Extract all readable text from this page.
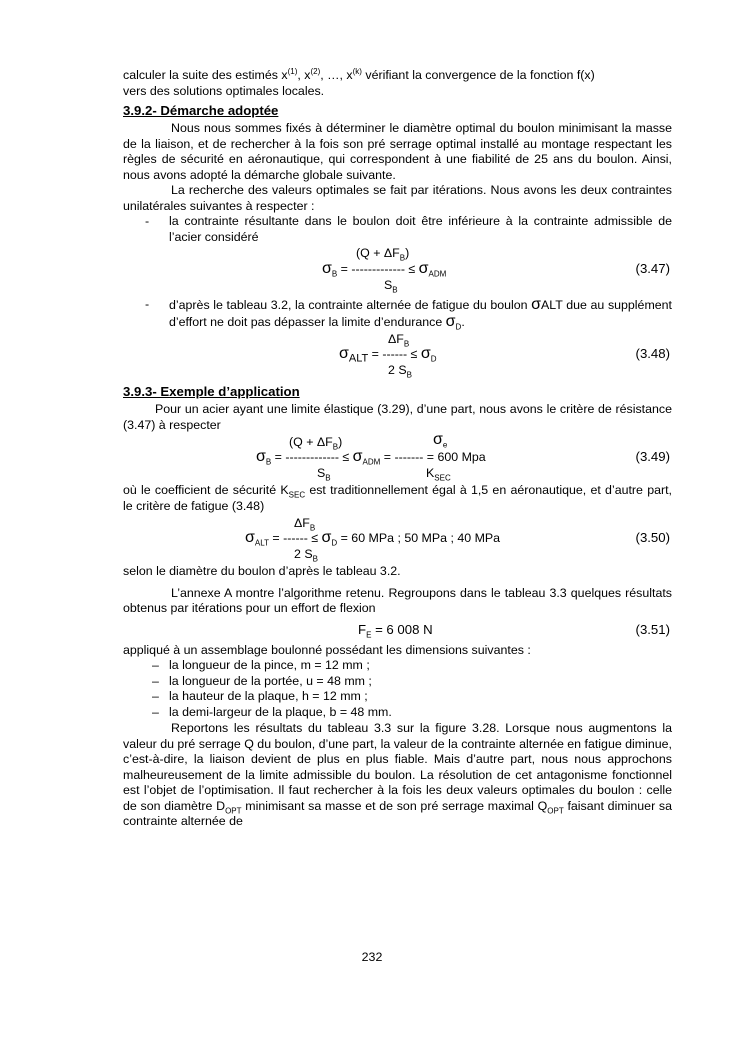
calculer la suite des estimés $x^{(1)}$, $x^{(2)}$, …, $x^{(k)}$ vérifiant la convergence de la fonction f(x)
vers des solutions optimales locales.

3.9.2- Démarche adoptée

Nous nous sommes fixés à déterminer le diamètre optimal du boulon minimisant la masse de la liaison, et de rechercher à la fois son pré serrage optimal installé au montage respectant les règles de sécurité en aéronautique, qui correspondent à une fiabilité de 25 ans du boulon. Ainsi, nous avons adopté la démarche globale suivante.

La recherche des valeurs optimales se fait par itérations. Nous avons les deux contraintes unilatérales suivantes à respecter :

- la contrainte résultante dans le boulon doit être inférieure à la contrainte admissible de l’acier considéré
$(Q + \Delta F_B)$
$\sigma_B$ = ------------- ≤ $\sigma_{ADM}$
$S_B$
(3.47)
- d’après le tableau 3.2, la contrainte alternée de fatigue du boulon σALT due au supplément d’effort ne doit pas dépasser la limite d’endurance $\sigma_D$.
$\Delta F_B$
$\sigma_{ALT}$ = ------ ≤ $\sigma_D$
2 $S_B$
(3.48)
3.9.3- Exemple d’application

Pour un acier ayant une limite élastique (3.29), d’une part, nous avons le critère de résistance (3.47) à respecter

$(Q + \Delta F_B)$	$\sigma_e$
$\sigma_B$ = ------------- ≤ $\sigma_{ADM}$ = ------- = 600 Mpa
$S_B$	$K_{SEC}$
(3.49)

où le coefficient de sécurité $K_{SEC}$ est traditionnellement égal à 1,5 en aéronautique, et d’autre part, le critère de fatigue (3.48)

$\Delta F_B$
$\sigma_{ALT}$ = ------ ≤ $\sigma_D = 60$ MPa ; 50 MPa ; 40 MPa
2 $S_B$
(3.50)

selon le diamètre du boulon d’après le tableau 3.2.

L’annexe A montre l’algorithme retenu. Regroupons dans le tableau 3.3 quelques résultats obtenus par itérations pour un effort de flexion

$F_E = 6$ 008 N	(3.51)

appliqué à un assemblage boulonné possédant les dimensions suivantes :

– la longueur de la pince, m = 12 mm ;
– la longueur de la portée, u = 48 mm ;
– la hauteur de la plaque, h = 12 mm ;
– la demi-largeur de la plaque, b = 48 mm.

Reportons les résultats du tableau 3.3 sur la figure 3.28. Lorsque nous augmentons la valeur du pré serrage Q du boulon, d’une part, la valeur de la contrainte alternée en fatigue diminue, c’est-à-dire, la liaison devient de plus en plus fiable. Mais d’autre part, nous nous approchons malheureusement de la limite admissible du boulon. La résolution de cet antagonisme fonctionnel est l’objet de l’optimisation. Il faut rechercher à la fois les deux valeurs optimales du boulon : celle de son diamètre $D_{OPT}$ minimisant sa masse et de son pré serrage maximal $Q_{OPT}$ faisant diminuer sa contrainte alternée de

232
